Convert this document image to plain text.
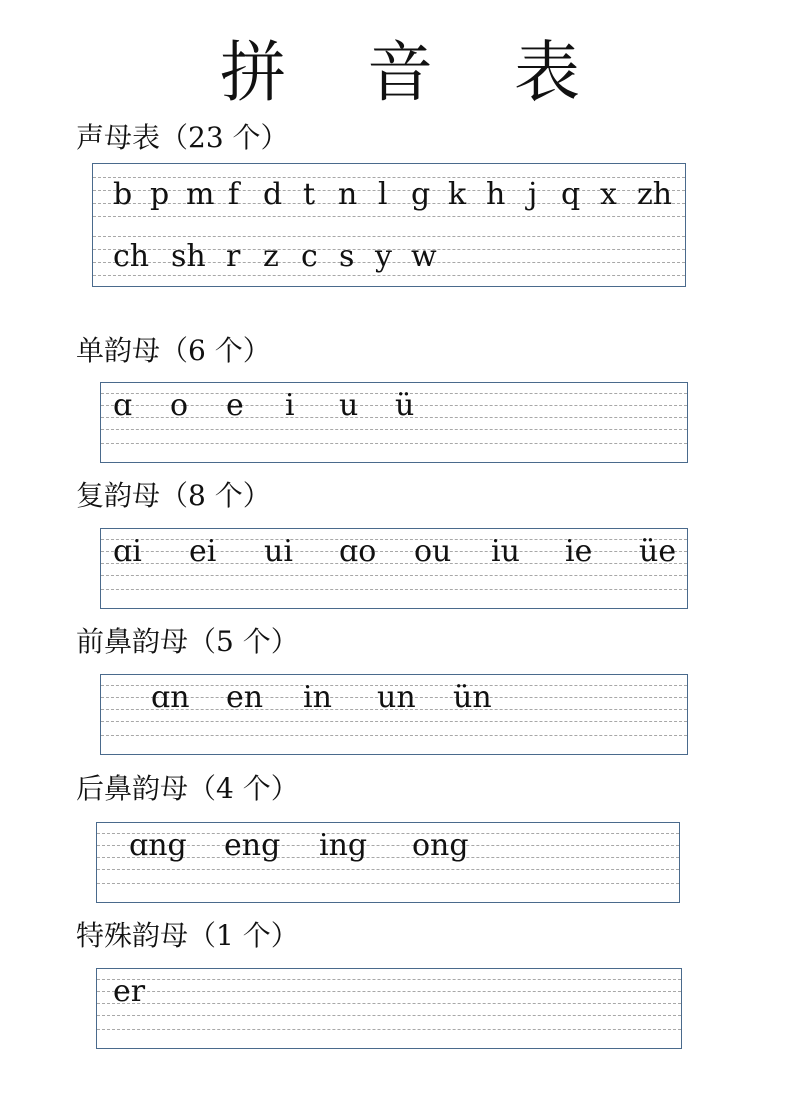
拼 音 表
声母表（23 个）
b p m f d t n l g k h j q x zh
ch sh r z c s y w
单韵母（6 个）
ɑ o e i u ü
复韵母（8 个）
ɑi ei ui ɑo ou iu ie üe
前鼻韵母（5 个）
ɑn en in un ün
后鼻韵母（4 个）
ɑng eng ing ong
特殊韵母（1 个）
er
